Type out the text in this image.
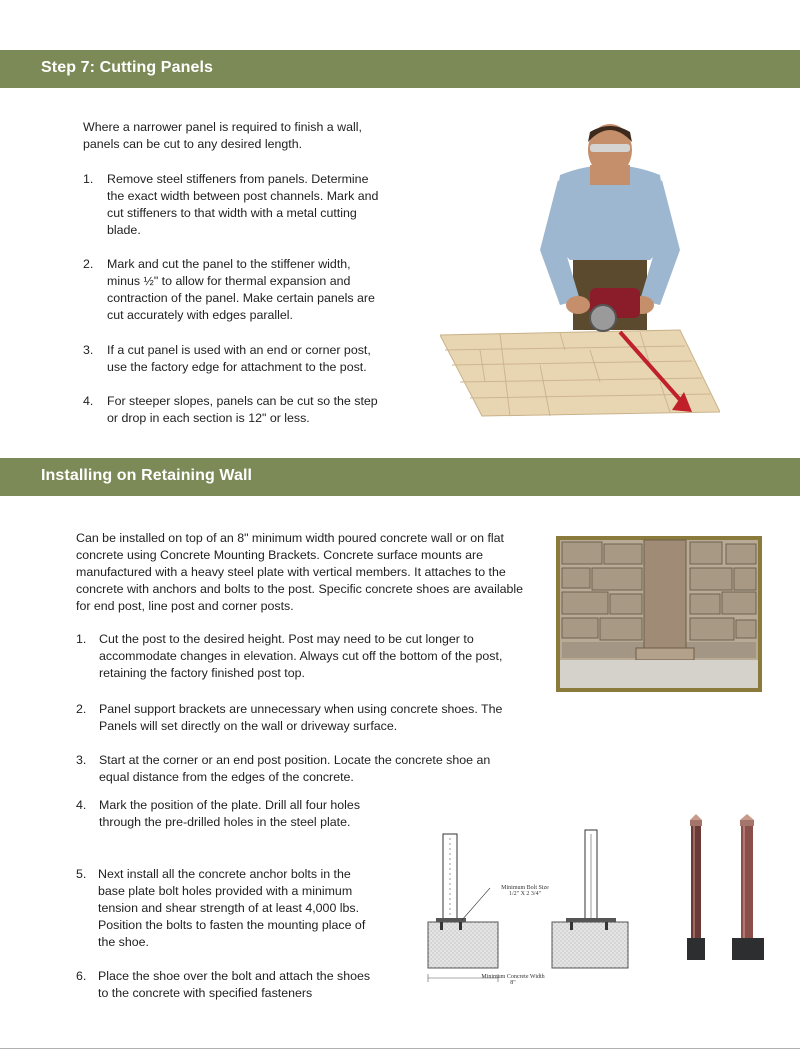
Step 7: Cutting Panels

Where a narrower panel is required to finish a wall, panels can be cut to any desired length.

1. Remove steel stiffeners from panels. Determine the exact width between post channels. Mark and cut stiffeners to that width with a metal cutting blade.
2. Mark and cut the panel to the stiffener width, minus ½" to allow for thermal expansion and contraction of the panel. Make certain panels are cut accurately with edges parallel.
3. If a cut panel is used with an end or corner post, use the factory edge for attachment to the post.
4. For steeper slopes, panels can be cut so the step or drop in each section is 12" or less.
Installing on Retaining Wall

Can be installed on top of an 8" minimum width poured concrete wall or on flat concrete using Concrete Mounting Brackets. Concrete surface mounts are manufactured with a heavy steel plate with vertical members. It attaches to the concrete with anchors and bolts to the post. Specific concrete shoes are available for end post, line post and corner posts.

1. Cut the post to the desired height. Post may need to be cut longer to accommodate changes in elevation. Always cut off the bottom of the post, retaining the factory finished post top.
2. Panel support brackets are unnecessary when using concrete shoes. The Panels will set directly on the wall or driveway surface.
3. Start at the corner or an end post position. Locate the concrete shoe an equal distance from the edges of the concrete.
4. Mark the position of the plate. Drill all four holes through the pre-drilled holes in the steel plate.
5. Next install all the concrete anchor bolts in the base plate bolt holes provided with a minimum tension and shear strength of at least 4,000 lbs. Position the bolts to fasten the mounting place of the shoe.
6. Place the shoe over the bolt and attach the shoes to the concrete with specified fasteners
Minimum Bolt Size
1/2" X 2 3/4"
Minimum Concrete Width
8"
